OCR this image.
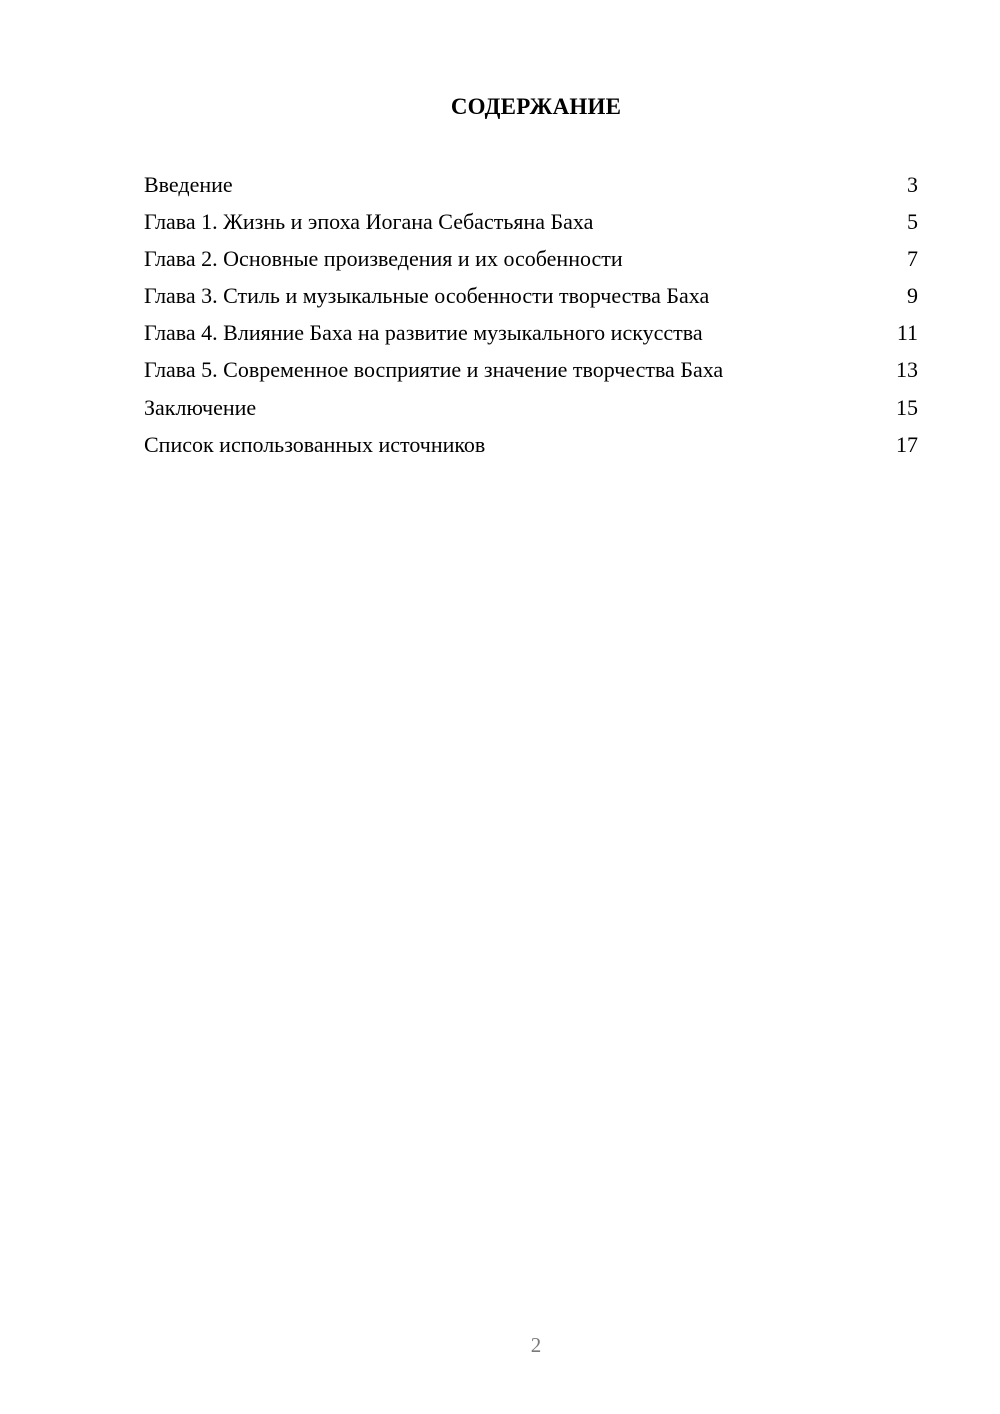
СОДЕРЖАНИЕ
Введение	3
Глава 1. Жизнь и эпоха Иогана Себастьяна Баха	5
Глава 2. Основные произведения и их особенности	7
Глава 3. Стиль и музыкальные особенности творчества Баха	9
Глава 4. Влияние Баха на развитие музыкального искусства	11
Глава 5. Современное восприятие и значение творчества Баха	13
Заключение	15
Список использованных источников	17
2
